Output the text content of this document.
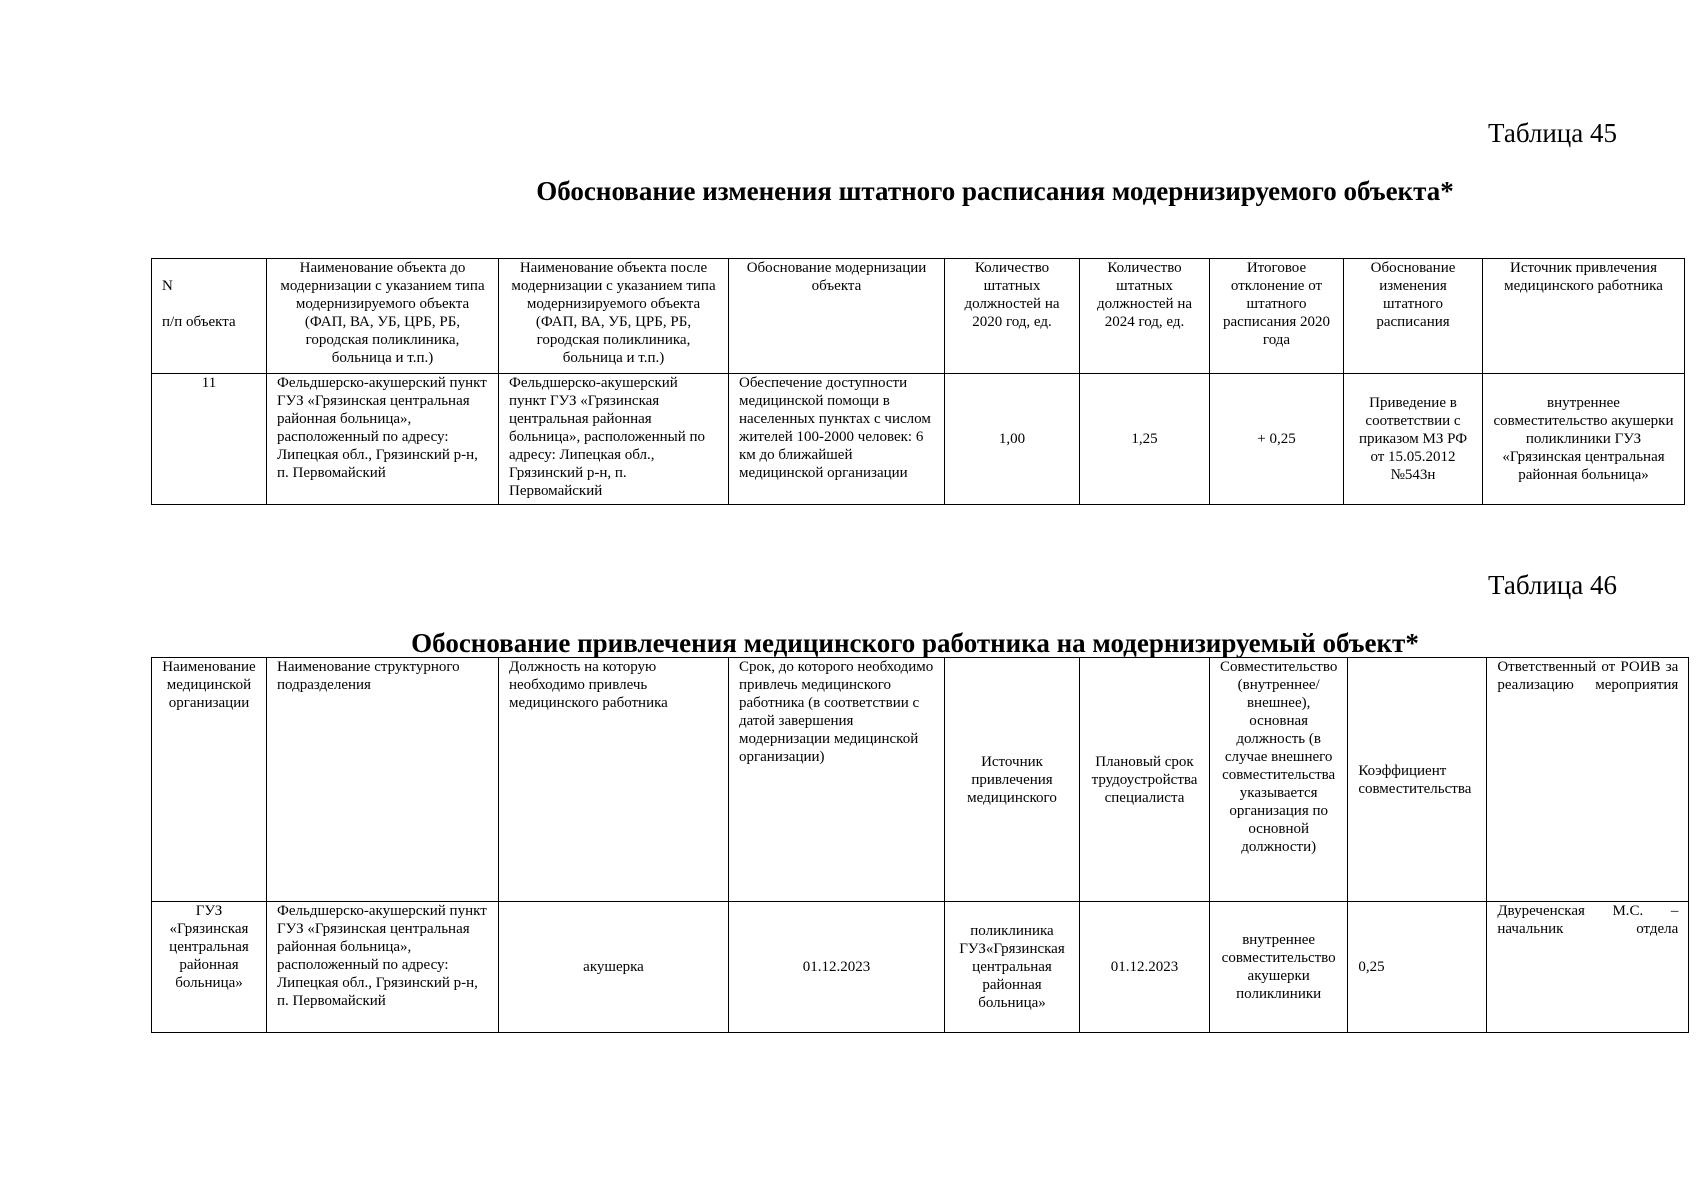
Таблица 45
Обоснование изменения штатного расписания модернизируемого объекта*
N
п/п объекта	Наименование объекта до модернизации с указанием типа модернизируемого объекта (ФАП, ВА, УБ, ЦРБ, РБ, городская поликлиника, больница и т.п.)	Наименование объекта после модернизации с указанием типа модернизируемого объекта (ФАП, ВА, УБ, ЦРБ, РБ, городская поликлиника, больница и т.п.)	Обоснование модернизации объекта	Количество штатных должностей на 2020 год, ед.	Количество штатных должностей на 2024 год, ед.	Итоговое отклонение от штатного расписания 2020 года	Обоснование изменения штатного расписания	Источник привлечения медицинского работника
11	Фельдшерско-акушерский пункт ГУЗ «Грязинская центральная районная больница», расположенный по адресу: Липецкая обл., Грязинский р-н, п. Первомайский	Фельдшерско-акушерский пункт ГУЗ «Грязинская центральная районная больница», расположенный по адресу: Липецкая обл., Грязинский р-н, п. Первомайский	Обеспечение доступности медицинской помощи в населенных пунктах с числом жителей 100-2000 человек: 6 км до ближайшей медицинской организации	1,00	1,25	+ 0,25	Приведение в соответствии с приказом МЗ РФ от 15.05.2012 №543н	внутреннее совместительство акушерки поликлиники ГУЗ «Грязинская центральная районная больница»
Таблица 46
Обоснование привлечения медицинского работника на модернизируемый объект*
Наименование медицинской организации	Наименование структурного подразделения	Должность на которую необходимо привлечь медицинского работника	Срок, до которого необходимо привлечь медицинского работника (в соответствии с датой завершения модернизации медицинской организации)	Источник привлечения медицинского	Плановый срок трудоустройства специалиста	Совместительство (внутреннее/внешнее), основная должность (в случае внешнего совместительства указывается организация по основной должности)	Коэффициент совместительства	Ответственный от РОИВ за реализацию мероприятия
ГУЗ «Грязинская центральная районная больница»	Фельдшерско-акушерский пункт ГУЗ «Грязинская центральная районная больница», расположенный по адресу: Липецкая обл., Грязинский р-н, п. Первомайский	акушерка	01.12.2023	поликлиника ГУЗ«Грязинская центральная районная больница»	01.12.2023	внутреннее совместительство акушерки поликлиники	0,25	Двуреченская М.С. – начальник отдела
